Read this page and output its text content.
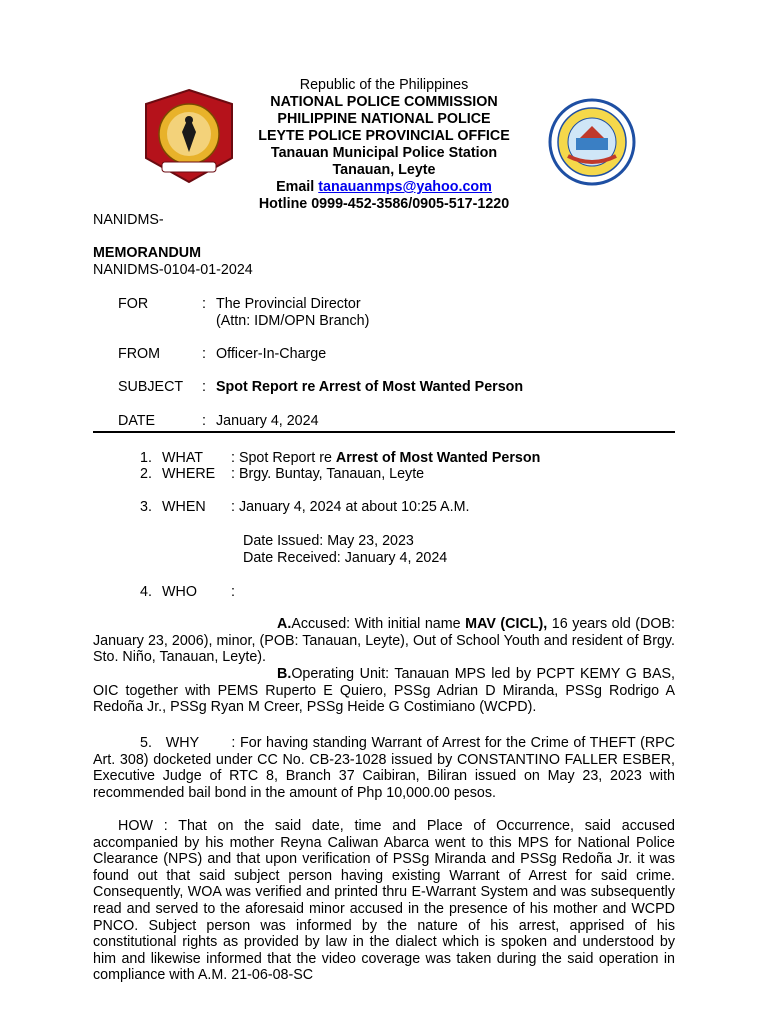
Republic of the Philippines
NATIONAL POLICE COMMISSION
PHILIPPINE NATIONAL POLICE
LEYTE POLICE PROVINCIAL OFFICE
Tanauan Municipal Police Station
Tanauan, Leyte
Email tanauanmps@yahoo.com
Hotline 0999-452-3586/0905-517-1220
NANIDMS-
MEMORANDUM
NANIDMS-0104-01-2024
FOR	: The Provincial Director
(Attn: IDM/OPN Branch)
FROM	: Officer-In-Charge
SUBJECT : Spot Report re Arrest of Most Wanted Person
DATE	: January 4, 2024
1. WHAT : Spot Report re Arrest of Most Wanted Person
2. WHERE : Brgy. Buntay, Tanauan, Leyte
3. WHEN : January 4, 2024 at about 10:25 A.M.
Date Issued: May 23, 2023
Date Received: January 4, 2024
4. WHO :
A.Accused: With initial name MAV (CICL), 16 years old (DOB: January 23, 2006), minor, (POB: Tanauan, Leyte), Out of School Youth and resident of Brgy. Sto. Niño, Tanauan, Leyte).
B.Operating Unit: Tanauan MPS led by PCPT KEMY G BAS, OIC together with PEMS Ruperto E Quiero, PSSg Adrian D Miranda, PSSg Rodrigo A Redoña Jr., PSSg Ryan M Creer, PSSg Heide G Costimiano (WCPD).
5. WHY : For having standing Warrant of Arrest for the Crime of THEFT (RPC Art. 308) docketed under CC No. CB-23-1028 issued by CONSTANTINO FALLER ESBER, Executive Judge of RTC 8, Branch 37 Caibiran, Biliran issued on May 23, 2023 with recommended bail bond in the amount of Php 10,000.00 pesos.
HOW : That on the said date, time and Place of Occurrence, said accused accompanied by his mother Reyna Caliwan Abarca went to this MPS for National Police Clearance (NPS) and that upon verification of PSSg Miranda and PSSg Redoña Jr. it was found out that said subject person having existing Warrant of Arrest for said crime. Consequently, WOA was verified and printed thru E-Warrant System and was subsequently read and served to the aforesaid minor accused in the presence of his mother and WCPD PNCO. Subject person was informed by the nature of his arrest, apprised of his constitutional rights as provided by law in the dialect which is spoken and understood by him and likewise informed that the video coverage was taken during the said operation in compliance with A.M. 21-06-08-SC
